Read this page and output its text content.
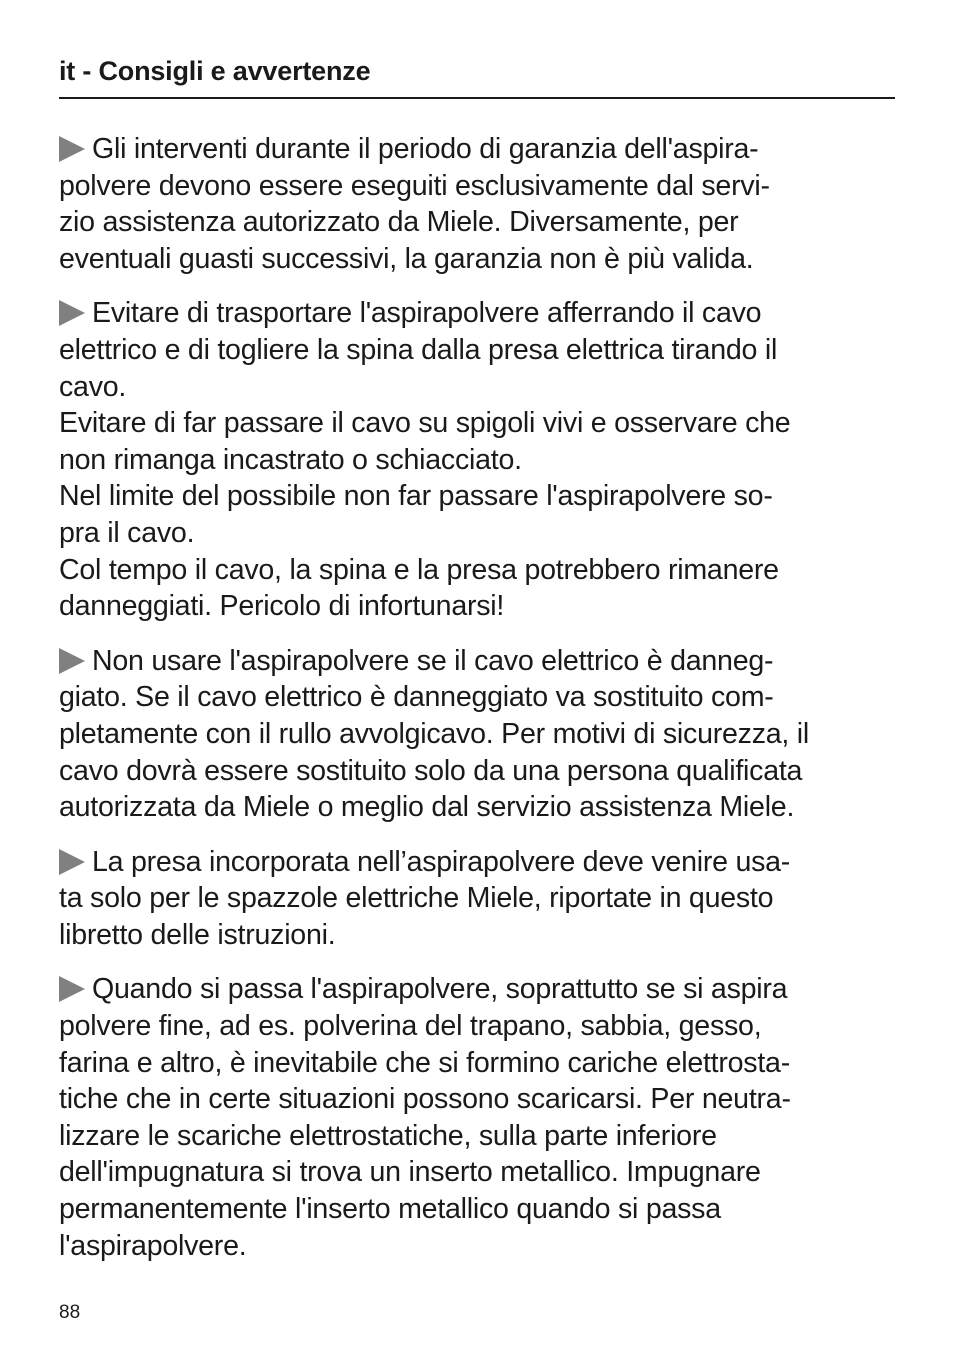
it - Consigli e avvertenze
Gli interventi durante il periodo di garanzia dell'aspira-
polvere devono essere eseguiti esclusivamente dal servi-
zio assistenza autorizzato da Miele. Diversamente, per
eventuali guasti successivi, la garanzia non è più valida.
Evitare di trasportare l'aspirapolvere afferrando il cavo
elettrico e di togliere la spina dalla presa elettrica tirando il
cavo.
Evitare di far passare il cavo su spigoli vivi e osservare che
non rimanga incastrato o schiacciato.
Nel limite del possibile non far passare l'aspirapolvere so-
pra il cavo.
Col tempo il cavo, la spina e la presa potrebbero rimanere
danneggiati. Pericolo di infortunarsi!
Non usare l'aspirapolvere se il cavo elettrico è danneg-
giato. Se il cavo elettrico è danneggiato va sostituito com-
pletamente con il rullo avvolgicavo. Per motivi di sicurezza, il
cavo dovrà essere sostituito solo da una persona qualificata
autorizzata da Miele o meglio dal servizio assistenza Miele.
La presa incorporata nell’aspirapolvere deve venire usa-
ta solo per le spazzole elettriche Miele, riportate in questo
libretto delle istruzioni.
Quando si passa l'aspirapolvere, soprattutto se si aspira
polvere fine, ad es. polverina del trapano, sabbia, gesso,
farina e altro, è inevitabile che si formino cariche elettrosta-
tiche che in certe situazioni possono scaricarsi. Per neutra-
lizzare le scariche elettrostatiche, sulla parte inferiore
dell'impugnatura si trova un inserto metallico. Impugnare
permanentemente l'inserto metallico quando si passa
l'aspirapolvere.
88
